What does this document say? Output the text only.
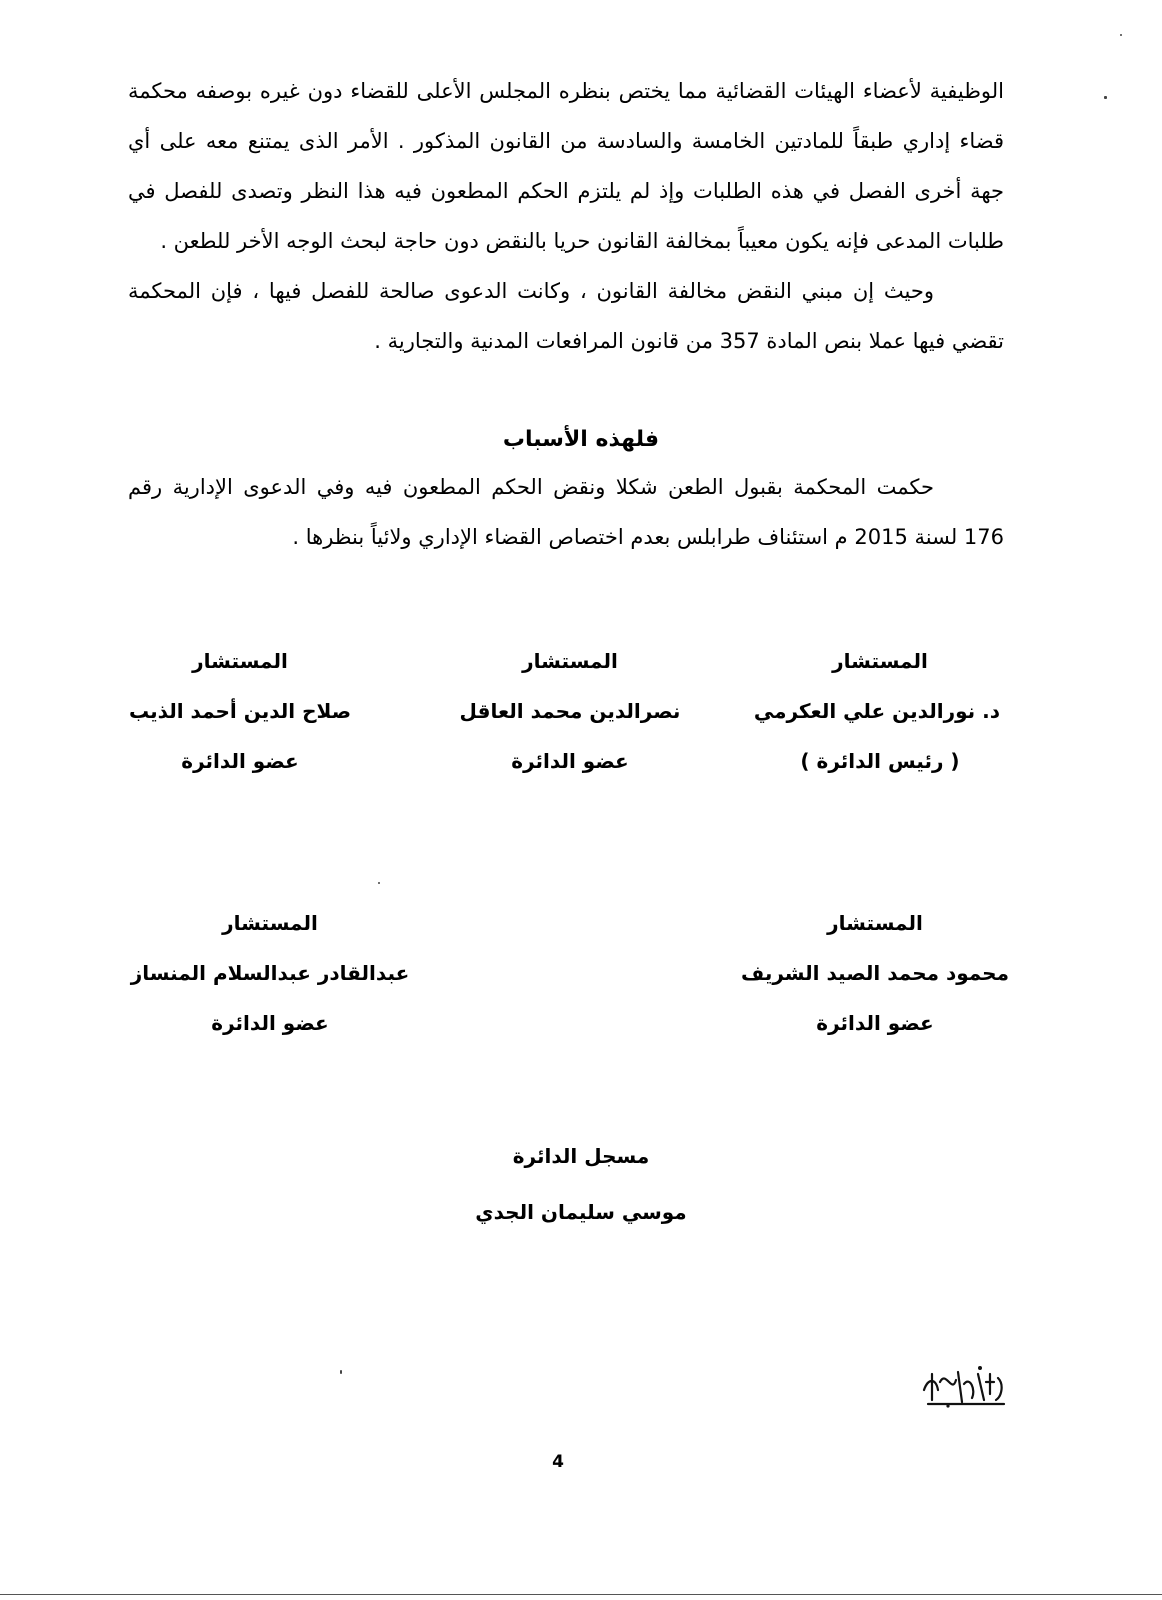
الوظيفية لأعضاء الهيئات القضائية مما يختص بنظره المجلس الأعلى للقضاء دون غيره بوصفه محكمة قضاء إداري طبقاً للمادتين الخامسة والسادسة من القانون المذكور . الأمر الذى يمتنع معه على أي جهة أخرى الفصل في هذه الطلبات وإذ لم يلتزم الحكم المطعون فيه هذا النظر وتصدى للفصل في طلبات المدعى فإنه يكون معيباً بمخالفة القانون حريا بالنقض دون حاجة لبحث الوجه الأخر للطعن .

وحيث إن مبني النقض مخالفة القانون ، وكانت الدعوى صالحة للفصل فيها ، فإن المحكمة تقضي فيها عملا بنص المادة 357 من قانون المرافعات المدنية والتجارية .

فلهذه الأسباب

حكمت المحكمة بقبول الطعن شكلا ونقض الحكم المطعون فيه وفي الدعوى الإدارية رقم 176 لسنة 2015 م استئناف طرابلس بعدم اختصاص القضاء الإداري ولائياً بنظرها .

المستشار
د. نورالدين علي العكرمي
( رئيس الدائرة )
المستشار
نصرالدين محمد العاقل
عضو الدائرة
المستشار
صلاح الدين أحمد الذيب
عضو الدائرة
المستشار
محمود محمد الصيد الشريف
عضو الدائرة
المستشار
عبدالقادر عبدالسلام المنساز
عضو الدائرة
مسجل الدائرة
موسي سليمان الجدي
4
